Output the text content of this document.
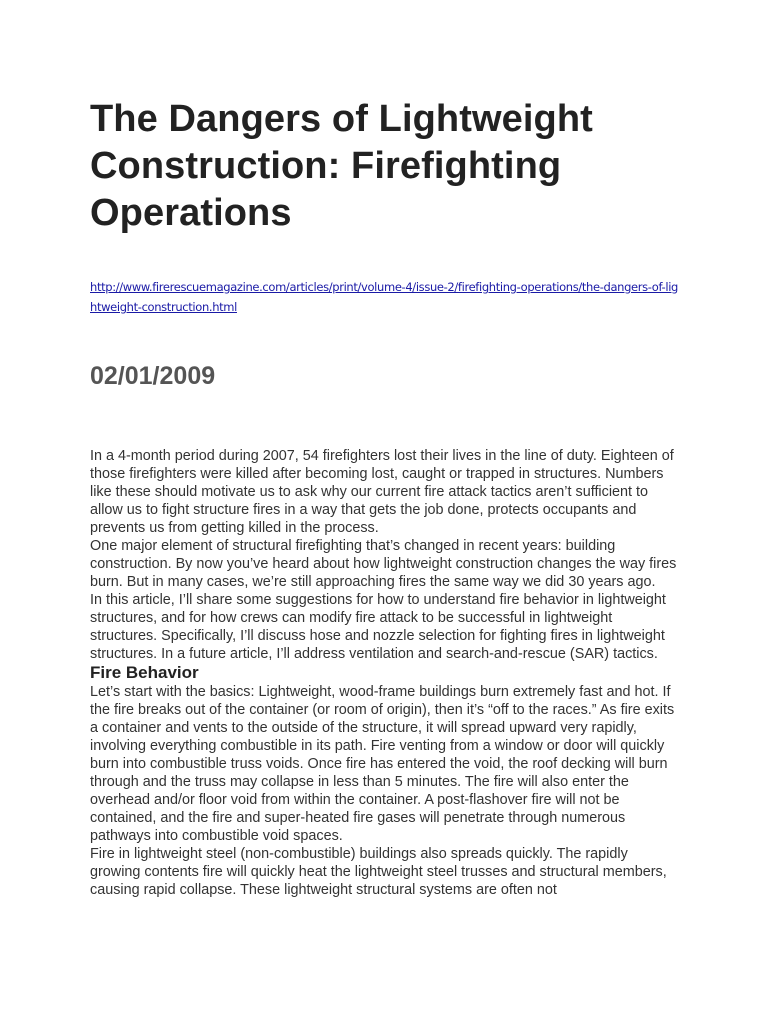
The Dangers of Lightweight Construction: Firefighting Operations
http://www.firerescuemagazine.com/articles/print/volume-4/issue-2/firefighting-operations/the-dangers-of-lightweight-construction.html
02/01/2009

In a 4-month period during 2007, 54 firefighters lost their lives in the line of duty. Eighteen of those firefighters were killed after becoming lost, caught or trapped in structures. Numbers like these should motivate us to ask why our current fire attack tactics aren’t sufficient to allow us to fight structure fires in a way that gets the job done, protects occupants and prevents us from getting killed in the process.

One major element of structural firefighting that’s changed in recent years: building construction. By now you’ve heard about how lightweight construction changes the way fires burn. But in many cases, we’re still approaching fires the same way we did 30 years ago.

In this article, I’ll share some suggestions for how to understand fire behavior in lightweight structures, and for how crews can modify fire attack to be successful in lightweight structures. Specifically, I’ll discuss hose and nozzle selection for fighting fires in lightweight structures. In a future article, I’ll address ventilation and search-and-rescue (SAR) tactics.

Fire Behavior

Let’s start with the basics: Lightweight, wood-frame buildings burn extremely fast and hot. If the fire breaks out of the container (or room of origin), then it’s “off to the races.” As fire exits a container and vents to the outside of the structure, it will spread upward very rapidly, involving everything combustible in its path. Fire venting from a window or door will quickly burn into combustible truss voids. Once fire has entered the void, the roof decking will burn through and the truss may collapse in less than 5 minutes. The fire will also enter the overhead and/or floor void from within the container. A post-flashover fire will not be contained, and the fire and super-heated fire gases will penetrate through numerous pathways into combustible void spaces.

Fire in lightweight steel (non-combustible) buildings also spreads quickly. The rapidly growing contents fire will quickly heat the lightweight steel trusses and structural members, causing rapid collapse. These lightweight structural systems are often not
